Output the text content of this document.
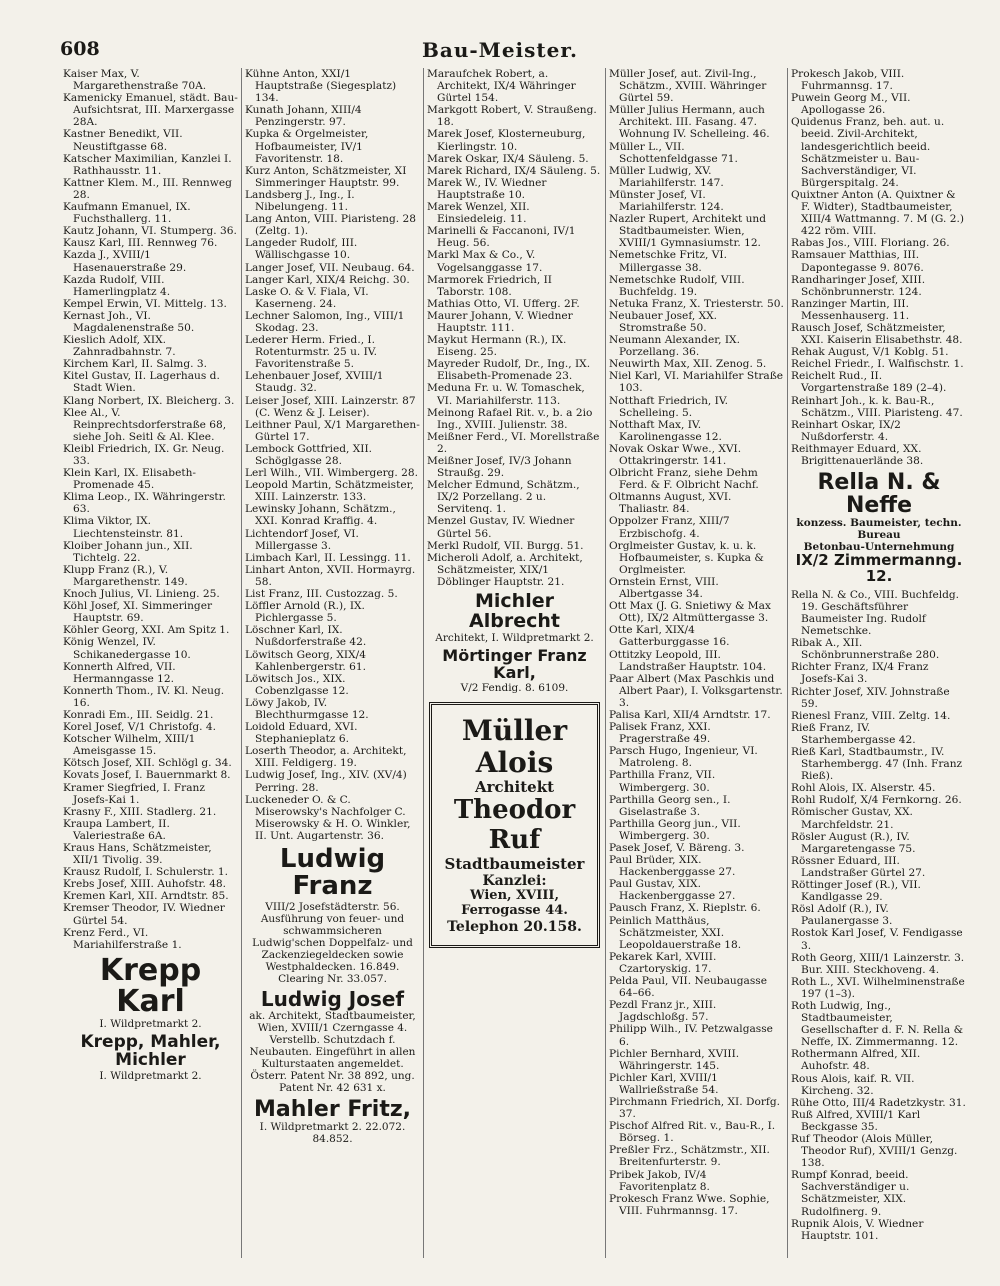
608	Bau-Meister.

Kaiser Max, V. Margarethenstraße 70A.

Kamenicky Emanuel, städt. Bau-Aufsichtsrat, III. Marxergasse 28A.

Kastner Benedikt, VII. Neustiftgasse 68.

Katscher Maximilian, Kanzlei I. Rathhausstr. 11.

Kattner Klem. M., III. Rennweg 28.

Kaufmann Emanuel, IX. Fuchsthallerg. 11.

Kautz Johann, VI. Stumperg. 36.

Kausz Karl, III. Rennweg 76.

Kazda J., XVIII/1 Hasenauerstraße 29.

Kazda Rudolf, VIII. Hamerlingplatz 4.

Kempel Erwin, VI. Mittelg. 13.

Kernast Joh., VI. Magdalenenstraße 50.

Kieslich Adolf, XIX. Zahnradbahnstr. 7.

Kirchem Karl, II. Salmg. 3.

Kitel Gustav, II. Lagerhaus d. Stadt Wien.

Klang Norbert, IX. Bleicherg. 3.

Klee Al., V. Reinprechtsdorferstraße 68, siehe Joh. Seitl & Al. Klee.

Kleibl Friedrich, IX. Gr. Neug. 33.

Klein Karl, IX. Elisabeth-Promenade 45.

Klima Leop., IX. Währingerstr. 63.

Klima Viktor, IX. Liechtensteinstr. 81.

Kloiber Johann jun., XII. Tichtelg. 22.

Klupp Franz (R.), V. Margarethenstr. 149.

Knoch Julius, VI. Linieng. 25.

Köhl Josef, XI. Simmeringer Hauptstr. 69.

Köhler Georg, XXI. Am Spitz 1.

König Wenzel, IV. Schikanedergasse 10.

Konnerth Alfred, VII. Hermanngasse 12.

Konnerth Thom., IV. Kl. Neug. 16.

Konradi Em., III. Seidlg. 21.

Korel Josef, V/1 Christofg. 4.

Kotscher Wilhelm, XIII/1 Ameisgasse 15.

Kötsch Josef, XII. Schlögl g. 34.

Kovats Josef, I. Bauernmarkt 8.

Kramer Siegfried, I. Franz Josefs-Kai 1.

Krasny F., XIII. Stadlerg. 21.

Kraupa Lambert, II. Valeriestraße 6A.

Kraus Hans, Schätzmeister, XII/1 Tivolig. 39.

Krausz Rudolf, I. Schulerstr. 1.

Krebs Josef, XIII. Auhofstr. 48.

Kremen Karl, XII. Arndtstr. 85.

Kremser Theodor, IV. Wiedner Gürtel 54.

Krenz Ferd., VI. Mariahilferstraße 1.

Krepp Karl
I. Wildpretmarkt 2.
Krepp, Mahler, Michler
I. Wildpretmarkt 2.

Kühne Anton, XXI/1 Hauptstraße (Siegesplatz) 134.

Kunath Johann, XIII/4 Penzingerstr. 97.

Kupka & Orgelmeister, Hofbaumeister, IV/1 Favoritenstr. 18.

Kurz Anton, Schätzmeister, XI Simmeringer Hauptstr. 99.

Landsberg J., Ing., I. Nibelungeng. 11.

Lang Anton, VIII. Piaristeng. 28 (Zeltg. 1).

Langeder Rudolf, III. Wällischgasse 10.

Langer Josef, VII. Neubaug. 64.

Langer Karl, XIX/4 Reichg. 30.

Laske O. & V. Fiala, VI. Kaserneng. 24.

Lechner Salomon, Ing., VIII/1 Skodag. 23.

Lederer Herm. Fried., I. Rotenturmstr. 25 u. IV. Favoritenstraße 5.

Lehenbauer Josef, XVIII/1 Staudg. 32.

Leiser Josef, XIII. Lainzerstr. 87 (C. Wenz & J. Leiser).

Leithner Paul, X/1 Margarethen-Gürtel 17.

Lembock Gottfried, XII. Schöglgasse 28.

Lerl Wilh., VII. Wimbergerg. 28.

Leopold Martin, Schätzmeister, XIII. Lainzerstr. 133.

Lewinsky Johann, Schätzm., XXI. Konrad Kraffig. 4.

Lichtendorf Josef, VI. Millergasse 3.

Limbach Karl, II. Lessingg. 11.

Linhart Anton, XVII. Hormayrg. 58.

List Franz, III. Custozzag. 5.

Löffler Arnold (R.), IX. Pichlergasse 5.

Löschner Karl, IX. Nußdorferstraße 42.

Löwitsch Georg, XIX/4 Kahlenbergerstr. 61.

Löwitsch Jos., XIX. Cobenzlgasse 12.

Löwy Jakob, IV. Blechthurmgasse 12.

Loidold Eduard, XVI. Stephanieplatz 6.

Loserth Theodor, a. Architekt, XIII. Feldigerg. 19.

Ludwig Josef, Ing., XIV. (XV/4) Perring. 28.

Luckeneder O. & C. Miserowsky's Nachfolger C. Miserowsky & H. O. Winkler, II. Unt. Augartenstr. 36.

Ludwig Franz
VIII/2 Josefstädterstr. 56. Ausführung von feuer- und schwammsicheren Ludwig'schen Doppelfalz- und Zackenziegeldecken sowie Westphaldecken. 16.849. Clearing Nr. 33.057.
Ludwig Josef
ak. Architekt, Stadtbaumeister, Wien, XVIII/1 Czerngasse 4. Verstellb. Schutzdach f. Neubauten. Eingeführt in allen Kulturstaaten angemeldet. Österr. Patent Nr. 38 892, ung. Patent Nr. 42 631 x.
Mahler Fritz,
I. Wildpretmarkt 2. 22.072. 84.852.

Maraufchek Robert, a. Architekt, IX/4 Währinger Gürtel 154.

Markgott Robert, V. Straußeng. 18.

Marek Josef, Klosterneuburg, Kierlingstr. 10.

Marek Oskar, IX/4 Säuleng. 5.

Marek Richard, IX/4 Säuleng. 5.

Marek W., IV. Wiedner Hauptstraße 10.

Marek Wenzel, XII. Einsiedeleig. 11.

Marinelli & Faccanoni, IV/1 Heug. 56.

Markl Max & Co., V. Vogelsanggasse 17.

Marmorek Friedrich, II Taborstr. 108.

Mathias Otto, VI. Ufferg. 2F.

Maurer Johann, V. Wiedner Hauptstr. 111.

Maykut Hermann (R.), IX. Eiseng. 25.

Mayreder Rudolf, Dr., Ing., IX. Elisabeth-Promenade 23.

Meduna Fr. u. W. Tomaschek, VI. Mariahilferstr. 113.

Meinong Rafael Rit. v., b. a 2io Ing., XVIII. Julienstr. 38.

Meißner Ferd., VI. Morellstraße 2.

Meißner Josef, IV/3 Johann Straußg. 29.

Melcher Edmund, Schätzm., IX/2 Porzellang. 2 u. Servitenq. 1.

Menzel Gustav, IV. Wiedner Gürtel 56.

Merkl Rudolf, VII. Burgg. 51.

Micheroli Adolf, a. Architekt, Schätzmeister, XIX/1 Döblinger Hauptstr. 21.

Michler Albrecht
Architekt, I. Wildpretmarkt 2.
Mörtinger Franz Karl,
V/2 Fendig. 8. 6109.
Müller Alois
Architekt
Theodor Ruf
Stadtbaumeister
Kanzlei:
Wien, XVIII, Ferrogasse 44.
Telephon 20.158.

Müller Josef, aut. Zivil-Ing., Schätzm., XVIII. Währinger Gürtel 59.

Müller Julius Hermann, auch Architekt. III. Fasang. 47. Wohnung IV. Schelleing. 46.

Müller L., VII. Schottenfeldgasse 71.

Müller Ludwig, XV. Mariahilferstr. 147.

Münster Josef, VI. Mariahilferstr. 124.

Nazler Rupert, Architekt und Stadtbaumeister. Wien, XVIII/1 Gymnasiumstr. 12.

Nemetschke Fritz, VI. Millergasse 38.

Nemetschke Rudolf, VIII. Buchfeldg. 19.

Netuka Franz, X. Triesterstr. 50.

Neubauer Josef, XX. Stromstraße 50.

Neumann Alexander, IX. Porzellang. 36.

Neuwirth Max, XII. Zenog. 5.

Niel Karl, VI. Mariahilfer Straße 103.

Notthaft Friedrich, IV. Schelleing. 5.

Notthaft Max, IV. Karolinengasse 12.

Novak Oskar Wwe., XVI. Ottakringerstr. 141.

Olbricht Franz, siehe Dehm Ferd. & F. Olbricht Nachf.

Oltmanns August, XVI. Thaliastr. 84.

Oppolzer Franz, XIII/7 Erzbischofg. 4.

Orglmeister Gustav, k. u. k. Hofbaumeister, s. Kupka & Orglmeister.

Ornstein Ernst, VIII. Albertgasse 34.

Ott Max (J. G. Snietiwy & Max Ott), IX/2 Altmüttergasse 3.

Otte Karl, XIX/4 Gatterburggasse 16.

Ottitzky Leopold, III. Landstraßer Hauptstr. 104.

Paar Albert (Max Paschkis und Albert Paar), I. Volksgartenstr. 3.

Palisa Karl, XII/4 Arndtstr. 17.

Palisek Franz, XXI. Pragerstraße 49.

Parsch Hugo, Ingenieur, VI. Matroleng. 8.

Parthilla Franz, VII. Wimbergerg. 30.

Parthilla Georg sen., I. Giselastraße 3.

Parthilla Georg jun., VII. Wimbergerg. 30.

Pasek Josef, V. Bäreng. 3.

Paul Brüder, XIX. Hackenberggasse 27.

Paul Gustav, XIX. Hackenberggasse 27.

Pausch Franz, X. Rieplstr. 6.

Peinlich Matthäus, Schätzmeister, XXI. Leopoldauerstraße 18.

Pekarek Karl, XVIII. Czartoryskig. 17.

Pelda Paul, VII. Neubaugasse 64–66.

Pezdl Franz jr., XIII. Jagdschloßg. 57.

Philipp Wilh., IV. Petzwalgasse 6.

Pichler Bernhard, XVIII. Währingerstr. 145.

Pichler Karl, XVIII/1 Wallrießstraße 54.

Pirchmann Friedrich, XI. Dorfg. 37.

Pischof Alfred Rit. v., Bau-R., I. Börseg. 1.

Preßler Frz., Schätzmstr., XII. Breitenfurterstr. 9.

Pribek Jakob, IV/4 Favoritenplatz 8.

Prokesch Franz Wwe. Sophie, VIII. Fuhrmannsg. 17.

Prokesch Jakob, VIII. Fuhrmannsg. 17.

Puwein Georg M., VII. Apollogasse 26.

Quidenus Franz, beh. aut. u. beeid. Zivil-Architekt, landesgerichtlich beeid. Schätzmeister u. Bau-Sachverständiger, VI. Bürgerspitalg. 24.

Quixtner Anton (A. Quixtner & F. Widter), Stadtbaumeister, XIII/4 Wattmanng. 7. M (G. 2.) 422 röm. VIII.

Rabas Jos., VIII. Floriang. 26.

Ramsauer Matthias, III. Dapontegasse 9. 8076.

Randharinger Josef, XIII. Schönbrunnerstr. 124.

Ranzinger Martin, III. Messenhauserg. 11.

Rausch Josef, Schätzmeister, XXI. Kaiserin Elisabethstr. 48.

Rehak August, V/1 Koblg. 51.

Reichel Friedr., I. Walfischstr. 1.

Reichelt Rud., II. Vorgartenstraße 189 (2–4).

Reinhart Joh., k. k. Bau-R., Schätzm., VIII. Piaristeng. 47.

Reinhart Oskar, IX/2 Nußdorferstr. 4.

Reithmayer Eduard, XX. Brigittenauerlände 38.

Rella N. & Neffe
konzess. Baumeister, techn. Bureau
Betonbau-Unternehmung
IX/2 Zimmermanng. 12.

Rella N. & Co., VIII. Buchfeldg. 19. Geschäftsführer Baumeister Ing. Rudolf Nemetschke.

Ribak A., XII. Schönbrunnerstraße 280.

Richter Franz, IX/4 Franz Josefs-Kai 3.

Richter Josef, XIV. Johnstraße 59.

Rienesl Franz, VIII. Zeltg. 14.

Rieß Franz, IV. Starhembergasse 42.

Rieß Karl, Stadtbaumstr., IV. Starhembergg. 47 (Inh. Franz Rieß).

Rohl Alois, IX. Alserstr. 45.

Rohl Rudolf, X/4 Fernkorng. 26.

Römischer Gustav, XX. Marchfeldstr. 21.

Rösler August (R.), IV. Margaretengasse 75.

Rössner Eduard, III. Landstraßer Gürtel 27.

Röttinger Josef (R.), VII. Kandlgasse 29.

Rösl Adolf (R.), IV. Paulanergasse 3.

Rostok Karl Josef, V. Fendigasse 3.

Roth Georg, XIII/1 Lainzerstr. 3. Bur. XIII. Steckhoveng. 4.

Roth L., XVI. Wilhelminenstraße 197 (1–3).

Roth Ludwig, Ing., Stadtbaumeister, Gesellschafter d. F. N. Rella & Neffe, IX. Zimmermanng. 12.

Rothermann Alfred, XII. Auhofstr. 48.

Rous Alois, kaif. R. VII. Kircheng. 32.

Rühe Otto, III/4 Radetzkystr. 31.

Ruß Alfred, XVIII/1 Karl Beckgasse 35.

Ruf Theodor (Alois Müller, Theodor Ruf), XVIII/1 Genzg. 138.

Rumpf Konrad, beeid. Sachverständiger u. Schätzmeister, XIX. Rudolfinerg. 9.

Rupnik Alois, V. Wiedner Hauptstr. 101.
